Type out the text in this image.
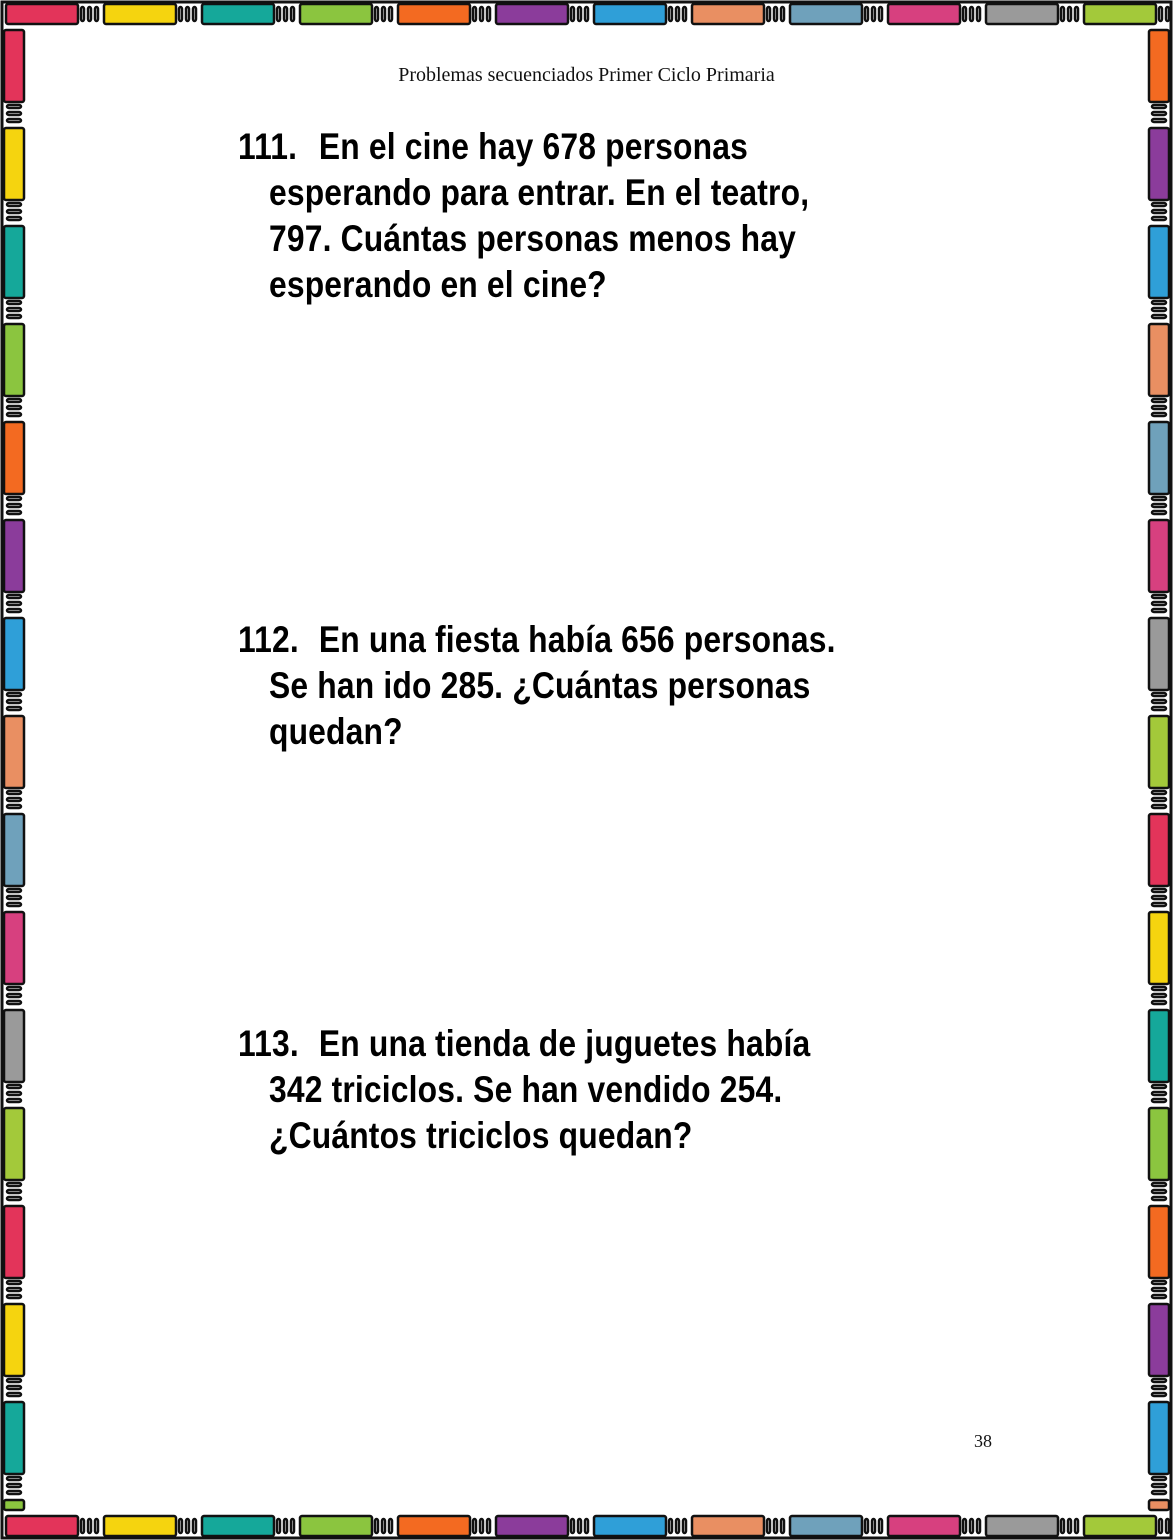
Problemas secuenciados Primer Ciclo Primaria
111. En el cine hay 678 personas
esperando para entrar. En el teatro,
797. Cuántas personas menos hay
esperando en el cine?
112. En una fiesta había 656 personas.
Se han ido 285. ¿Cuántas personas
quedan?
113. En una tienda de juguetes había
342 triciclos. Se han vendido 254.
¿Cuántos triciclos quedan?
38
